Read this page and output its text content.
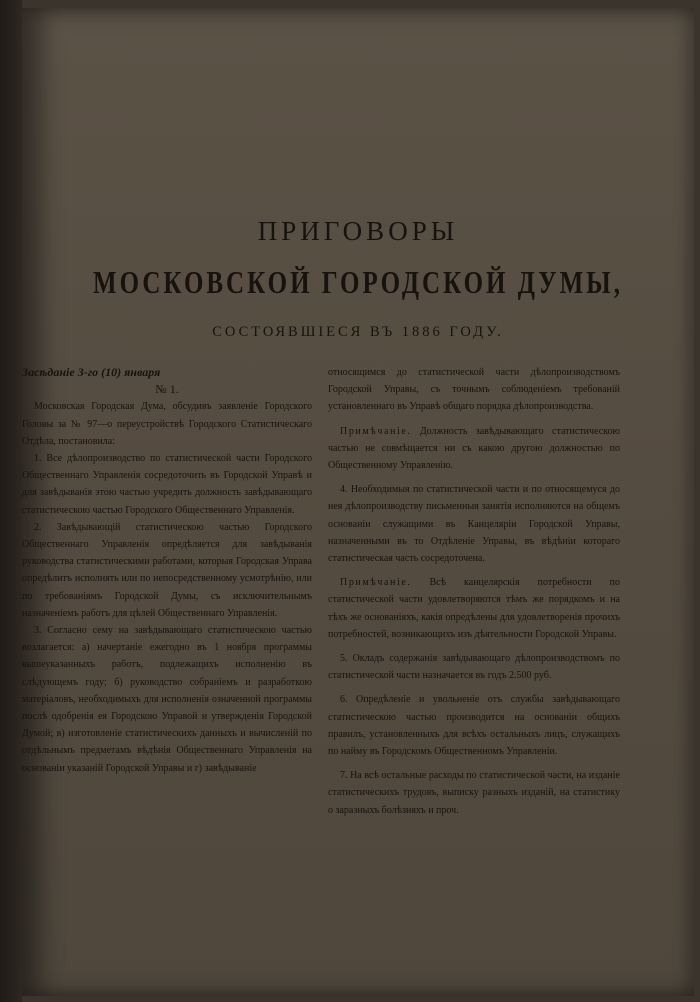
ПРИГОВОРЫ
МОСКОВСКОЙ ГОРОДСКОЙ ДУМЫ,
СОСТОЯВШІЕСЯ ВЪ 1886 ГОДУ.

Засѣданіе 3-го (10) января

№ 1.

Московская Городская Дума, обсудивъ заявленіе Городского Головы за № 97—о переустройствѣ Городского Статистическаго Отдѣла, постановила:

1. Все дѣлопроизводство по статистической части Городского Общественнаго Управленія сосредоточить въ Городской Управѣ и для завѣдыванія этою частью учредить должность завѣдывающаго статистическою частью Городского Общественнаго Управленія.

2. Завѣдывающій статистическою частью Городского Общественнаго Управленія опредѣляется для завѣдыванія руководства статистическими работами, которыя Городская Управа опредѣлитъ исполнять или по непосредственному усмотрѣнію, или по требованіямъ Городской Думы, съ исключительнымъ назначеніемъ работъ для цѣлей Общественнаго Управленія.

3. Согласно сему на завѣдывающаго статистическою частью возлагается: а) начертаніе ежегодно въ 1 ноября программы вышеуказанныхъ работъ, подлежащихъ исполненію въ слѣдующемъ году; б) руководство собраніемъ и разработкою матеріаловъ, необходимыхъ для исполненія означенной программы послѣ одобренія ея Городскою Управой и утвержденія Городской Думой; в) изготовленіе статистическихъ данныхъ и вычисленій по отдѣльнымъ предметамъ вѣдѣнія Общественнаго Управленія на основаніи указаній Городской Управы и г) завѣдываніе

относящимся до статистической части дѣлопроизводствомъ Городской Управы, съ точнымъ соблюденіемъ требованій установленнаго въ Управѣ общаго порядка дѣлопроизводства.

Примѣчаніе. Должность завѣдывающаго статистическою частью не совмѣщается ни съ какою другою должностью по Общественному Управленію.

4. Необходимыя по статистической части и по относящемуся до нея дѣлопроизводству письменныя занятія исполняются на общемъ основаніи служащими въ Канцеляріи Городской Управы, назначенными въ то Отдѣленіе Управы, въ вѣдѣніи котораго статистическая часть сосредоточена.

Примѣчаніе. Всѣ канцелярскія потребности по статистической части удовлетворяются тѣмъ же порядкомъ и на тѣхъ же основаніяхъ, какія опредѣлены для удовлетворенія прочихъ потребностей, возникающихъ изъ дѣятельности Городской Управы.

5. Окладъ содержанія завѣдывающаго дѣлопроизводствомъ по статистической части назначается въ годъ 2.500 руб.

6. Опредѣленіе и увольненіе отъ службы завѣдывающаго статистическою частью производится на основаніи общихъ правилъ, установленныхъ для всѣхъ остальныхъ лицъ, служащихъ по найму въ Городскомъ Общественномъ Управленіи.

7. На всѣ остальные расходы по статистической части, на изданіе статистическихъ трудовъ, выписку разныхъ изданій, на статистику о заразныхъ болѣзняхъ и проч.
